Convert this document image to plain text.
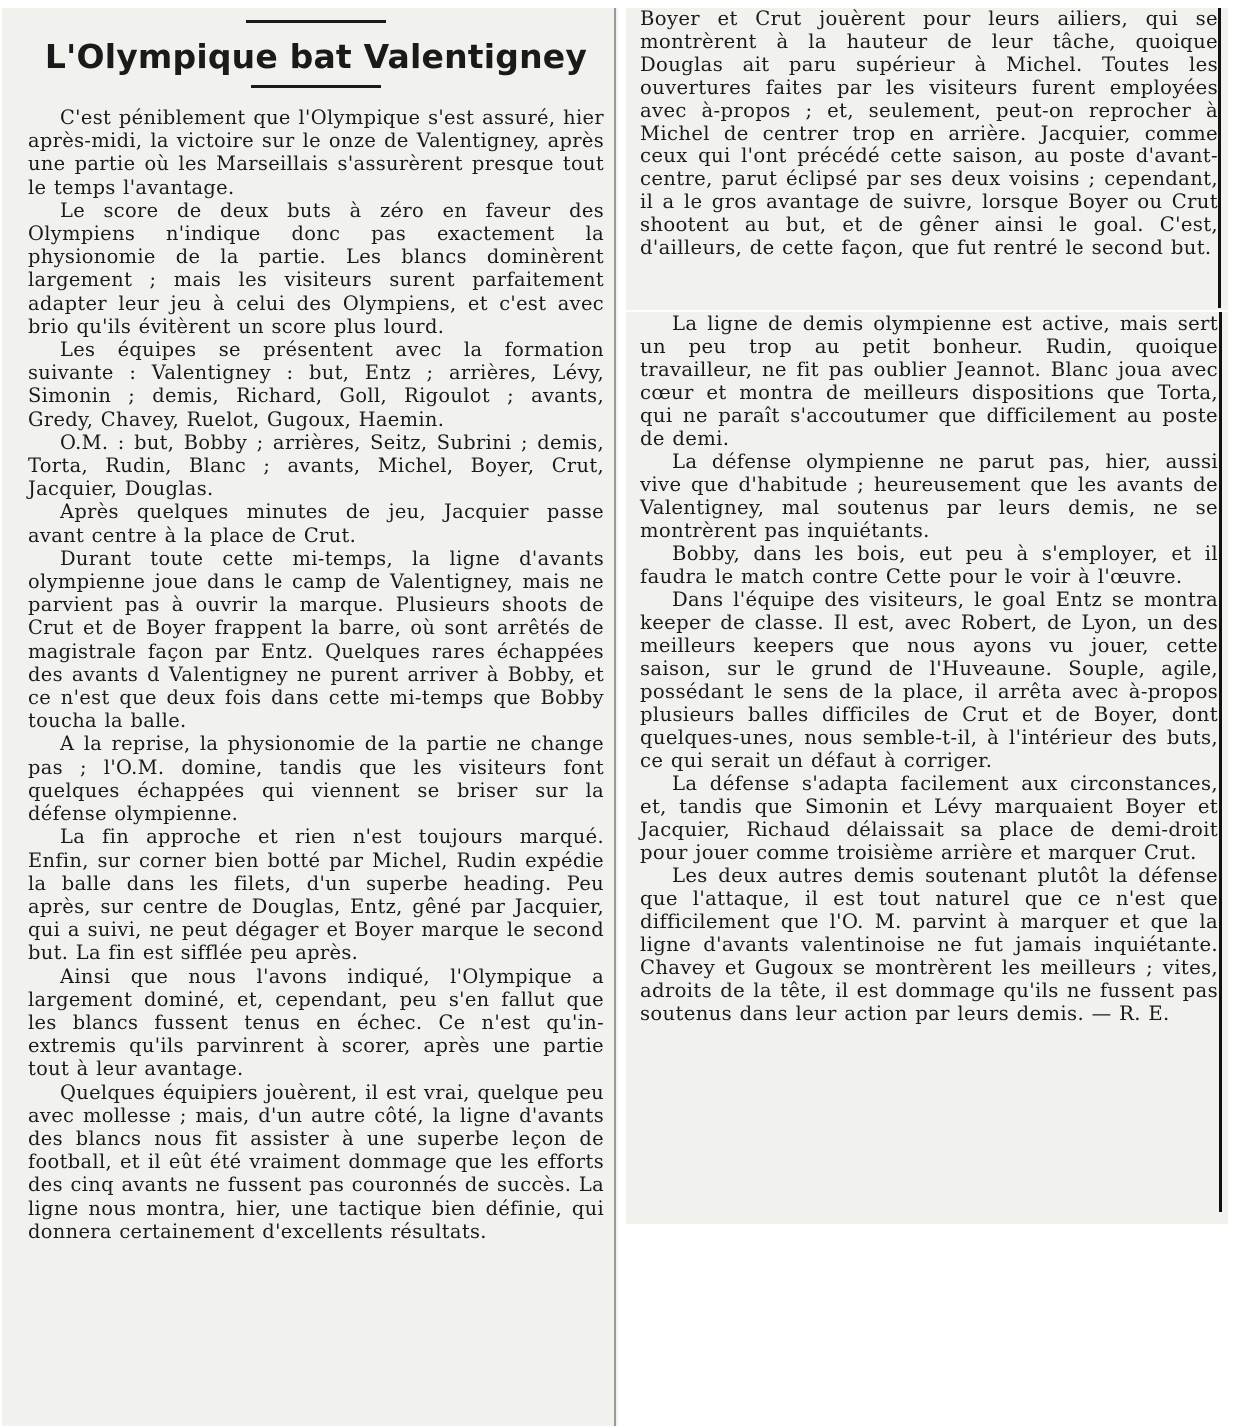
L'Olympique bat Valentigney

C'est péniblement que l'Olympique s'est assuré, hier après-midi, la victoire sur le onze de Valentigney, après une partie où les Marseillais s'assurèrent presque tout le temps l'avantage.

Le score de deux buts à zéro en faveur des Olympiens n'indique donc pas exactement la physionomie de la partie. Les blancs dominèrent largement ; mais les visiteurs surent parfaitement adapter leur jeu à celui des Olympiens, et c'est avec brio qu'ils évitèrent un score plus lourd.

Les équipes se présentent avec la formation suivante : Valentigney : but, Entz ; arrières, Lévy, Simonin ; demis, Richard, Goll, Rigoulot ; avants, Gredy, Chavey, Ruelot, Gugoux, Haemin.

O.M. : but, Bobby ; arrières, Seitz, Subrini ; demis, Torta, Rudin, Blanc ; avants, Michel, Boyer, Crut, Jacquier, Douglas.

Après quelques minutes de jeu, Jacquier passe avant centre à la place de Crut.

Durant toute cette mi-temps, la ligne d'avants olympienne joue dans le camp de Valentigney, mais ne parvient pas à ouvrir la marque. Plusieurs shoots de Crut et de Boyer frappent la barre, où sont arrêtés de magistrale façon par Entz. Quelques rares échappées des avants d Valentigney ne purent arriver à Bobby, et ce n'est que deux fois dans cette mi-temps que Bobby toucha la balle.

A la reprise, la physionomie de la partie ne change pas ; l'O.M. domine, tandis que les visiteurs font quelques échappées qui viennent se briser sur la défense olympienne.

La fin approche et rien n'est toujours marqué. Enfin, sur corner bien botté par Michel, Rudin expédie la balle dans les filets, d'un superbe heading. Peu après, sur centre de Douglas, Entz, gêné par Jacquier, qui a suivi, ne peut dégager et Boyer marque le second but. La fin est sifflée peu après.

Ainsi que nous l'avons indiqué, l'Olympique a largement dominé, et, cependant, peu s'en fallut que les blancs fussent tenus en échec. Ce n'est qu'in-extremis qu'ils parvinrent à scorer, après une partie tout à leur avantage.

Quelques équipiers jouèrent, il est vrai, quelque peu avec mollesse ; mais, d'un autre côté, la ligne d'avants des blancs nous fit assister à une superbe leçon de football, et il eût été vraiment dommage que les efforts des cinq avants ne fussent pas couronnés de succès. La ligne nous montra, hier, une tactique bien définie, qui donnera certainement d'excellents résultats.

Boyer et Crut jouèrent pour leurs ailiers, qui se montrèrent à la hauteur de leur tâche, quoique Douglas ait paru supérieur à Michel. Toutes les ouvertures faites par les visiteurs furent employées avec à-propos ; et, seulement, peut-on reprocher à Michel de centrer trop en arrière. Jacquier, comme ceux qui l'ont précédé cette saison, au poste d'avant-centre, parut éclipsé par ses deux voisins ; cependant, il a le gros avantage de suivre, lorsque Boyer ou Crut shootent au but, et de gêner ainsi le goal. C'est, d'ailleurs, de cette façon, que fut rentré le second but.

La ligne de demis olympienne est active, mais sert un peu trop au petit bonheur. Rudin, quoique travailleur, ne fit pas oublier Jeannot. Blanc joua avec cœur et montra de meilleurs dispositions que Torta, qui ne paraît s'accoutumer que difficilement au poste de demi.

La défense olympienne ne parut pas, hier, aussi vive que d'habitude ; heureusement que les avants de Valentigney, mal soutenus par leurs demis, ne se montrèrent pas inquiétants.

Bobby, dans les bois, eut peu à s'employer, et il faudra le match contre Cette pour le voir à l'œuvre.

Dans l'équipe des visiteurs, le goal Entz se montra keeper de classe. Il est, avec Robert, de Lyon, un des meilleurs keepers que nous ayons vu jouer, cette saison, sur le grund de l'Huveaune. Souple, agile, possédant le sens de la place, il arrêta avec à-propos plusieurs balles difficiles de Crut et de Boyer, dont quelques-unes, nous semble-t-il, à l'intérieur des buts, ce qui serait un défaut à corriger.

La défense s'adapta facilement aux circonstances, et, tandis que Simonin et Lévy marquaient Boyer et Jacquier, Richaud délaissait sa place de demi-droit pour jouer comme troisième arrière et marquer Crut.

Les deux autres demis soutenant plutôt la défense que l'attaque, il est tout naturel que ce n'est que difficilement que l'O. M. parvint à marquer et que la ligne d'avants valentinoise ne fut jamais inquiétante. Chavey et Gugoux se montrèrent les meilleurs ; vites, adroits de la tête, il est dommage qu'ils ne fussent pas soutenus dans leur action par leurs demis. — R. E.
